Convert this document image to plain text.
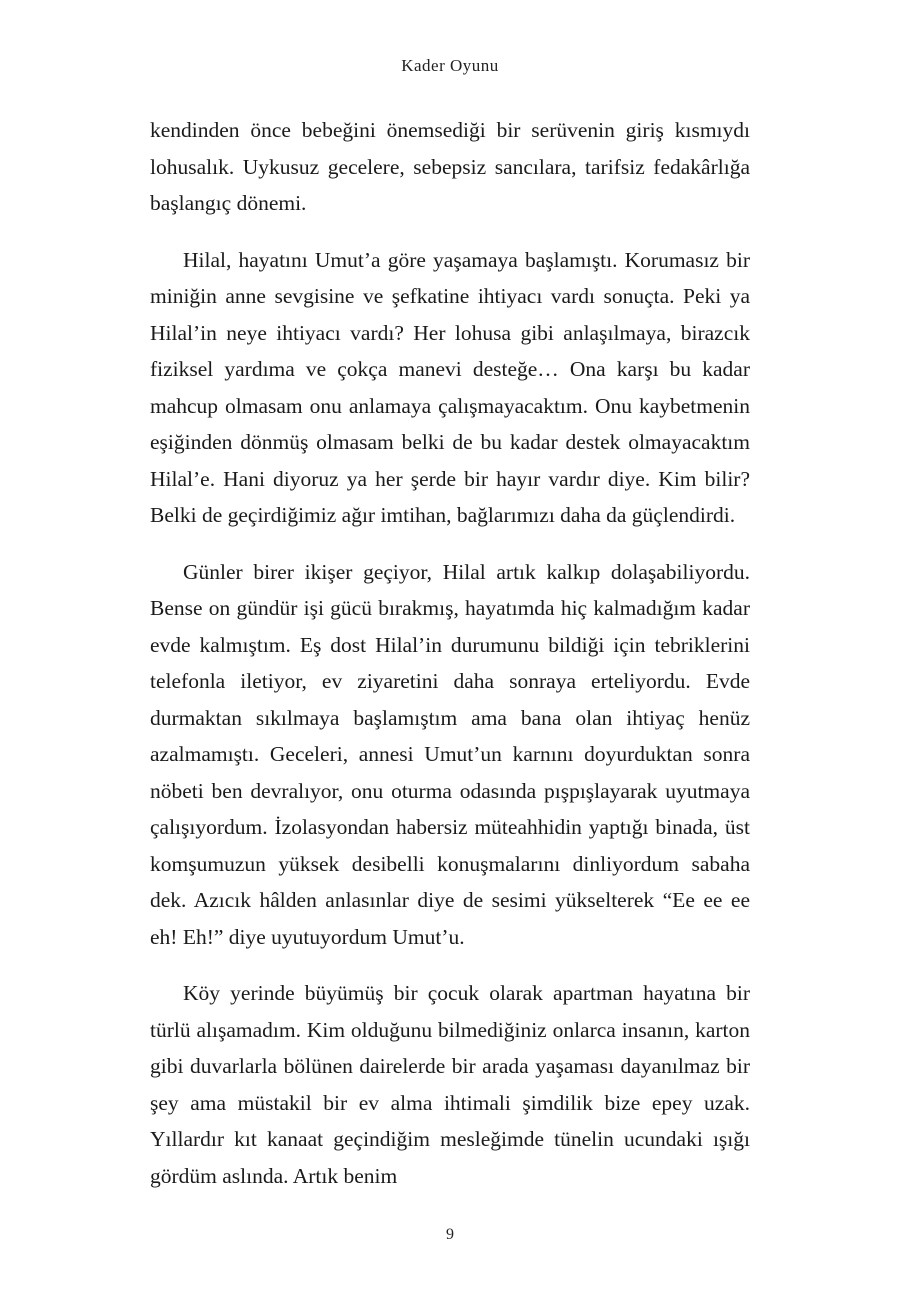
Kader Oyunu

kendinden önce bebeğini önemsediği bir serüvenin giriş kısmıydı lohusalık. Uykusuz gecelere, sebepsiz sancılara, tarifsiz fedakârlığa başlangıç dönemi.

Hilal, hayatını Umut’a göre yaşamaya başlamıştı. Korumasız bir miniğin anne sevgisine ve şefkatine ihtiyacı vardı sonuçta. Peki ya Hilal’in neye ihtiyacı vardı? Her lohusa gibi anlaşılmaya, birazcık fiziksel yardıma ve çokça manevi desteğe… Ona karşı bu kadar mahcup olmasam onu anlamaya çalışmayacaktım. Onu kaybetmenin eşiğinden dönmüş olmasam belki de bu kadar destek olmayacaktım Hilal’e. Hani diyoruz ya her şerde bir hayır vardır diye. Kim bilir? Belki de geçirdiğimiz ağır imtihan, bağlarımızı daha da güçlendirdi.

Günler birer ikişer geçiyor, Hilal artık kalkıp dolaşabiliyordu. Bense on gündür işi gücü bırakmış, hayatımda hiç kalmadığım kadar evde kalmıştım. Eş dost Hilal’in durumunu bildiği için tebriklerini telefonla iletiyor, ev ziyaretini daha sonraya erteliyordu. Evde durmaktan sıkılmaya başlamıştım ama bana olan ihtiyaç henüz azalmamıştı. Geceleri, annesi Umut’un karnını doyurduktan sonra nöbeti ben devralıyor, onu oturma odasında pışpışlayarak uyutmaya çalışıyordum. İzolasyondan habersiz müteahhidin yaptığı binada, üst komşumuzun yüksek desibelli konuşmalarını dinliyordum sabaha dek. Azıcık hâlden anlasınlar diye de sesimi yükselterek “Ee ee ee eh! Eh!” diye uyutuyordum Umut’u.

Köy yerinde büyümüş bir çocuk olarak apartman hayatına bir türlü alışamadım. Kim olduğunu bilmediğiniz onlarca insanın, karton gibi duvarlarla bölünen dairelerde bir arada yaşaması dayanılmaz bir şey ama müstakil bir ev alma ihtimali şimdilik bize epey uzak. Yıllardır kıt kanaat geçindiğim mesleğimde tünelin ucundaki ışığı gördüm aslında. Artık benim

9
